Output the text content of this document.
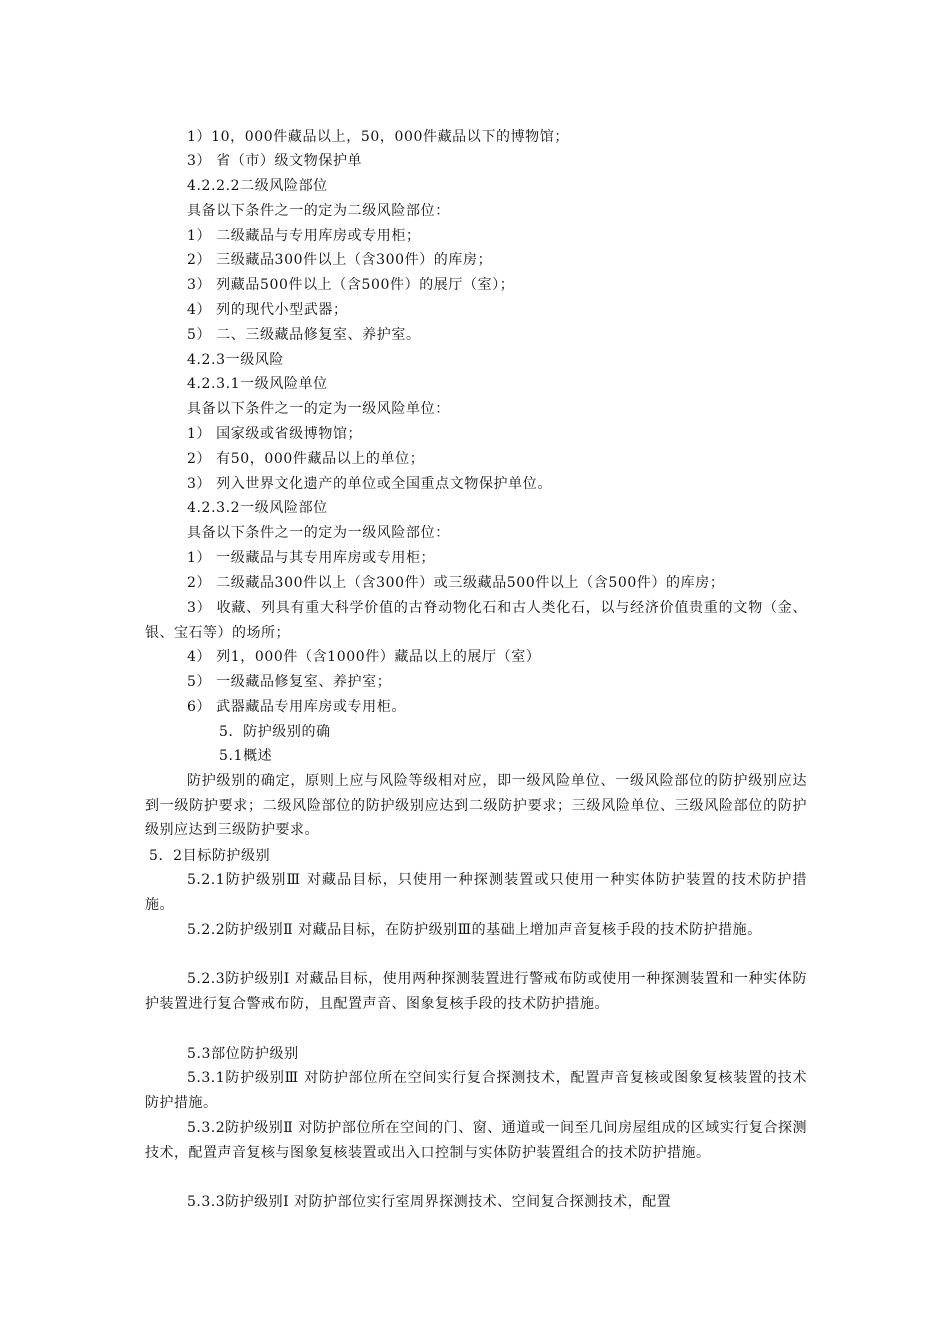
1）10，000件藏品以上，50，000件藏品以下的博物馆；
3） 省（市）级文物保护单
4.2.2.2二级风险部位
具备以下条件之一的定为二级风险部位：
1） 二级藏品与专用库房或专用柜；
2） 三级藏品300件以上（含300件）的库房；
3） 列藏品500件以上（含500件）的展厅（室）；
4） 列的现代小型武器；
5） 二、三级藏品修复室、养护室。
4.2.3一级风险
4.2.3.1一级风险单位
具备以下条件之一的定为一级风险单位：
1） 国家级或省级博物馆；
2） 有50，000件藏品以上的单位；
3） 列入世界文化遗产的单位或全国重点文物保护单位。
4.2.3.2一级风险部位
具备以下条件之一的定为一级风险部位：
1） 一级藏品与其专用库房或专用柜；
2） 二级藏品300件以上（含300件）或三级藏品500件以上（含500件）的库房；
3） 收藏、列具有重大科学价值的古脊动物化石和古人类化石，以与经济价值贵重的文物（金、银、宝石等）的场所；
4） 列1，000件（含1000件）藏品以上的展厅（室）
5） 一级藏品修复室、养护室；
6） 武器藏品专用库房或专用柜。
5．防护级别的确
5.1概述
防护级别的确定，原则上应与风险等级相对应，即一级风险单位、一级风险部位的防护级别应达到一级防护要求；二级风险部位的防护级别应达到二级防护要求；三级风险单位、三级风险部位的防护级别应达到三级防护要求。
5．2目标防护级别
5.2.1防护级别Ⅲ 对藏品目标，只使用一种探测装置或只使用一种实体防护装置的技术防护措施。
5.2.2防护级别Ⅱ 对藏品目标，在防护级别Ⅲ的基础上增加声音复核手段的技术防护措施。
5.2.3防护级别Ⅰ 对藏品目标，使用两种探测装置进行警戒布防或使用一种探测装置和一种实体防护装置进行复合警戒布防，且配置声音、图象复核手段的技术防护措施。
5.3部位防护级别
5.3.1防护级别Ⅲ 对防护部位所在空间实行复合探测技术，配置声音复核或图象复核装置的技术防护措施。
5.3.2防护级别Ⅱ 对防护部位所在空间的门、窗、通道或一间至几间房屋组成的区域实行复合探测技术，配置声音复核与图象复核装置或出入口控制与实体防护装置组合的技术防护措施。
5.3.3防护级别Ⅰ 对防护部位实行室周界探测技术、空间复合探测技术，配置
